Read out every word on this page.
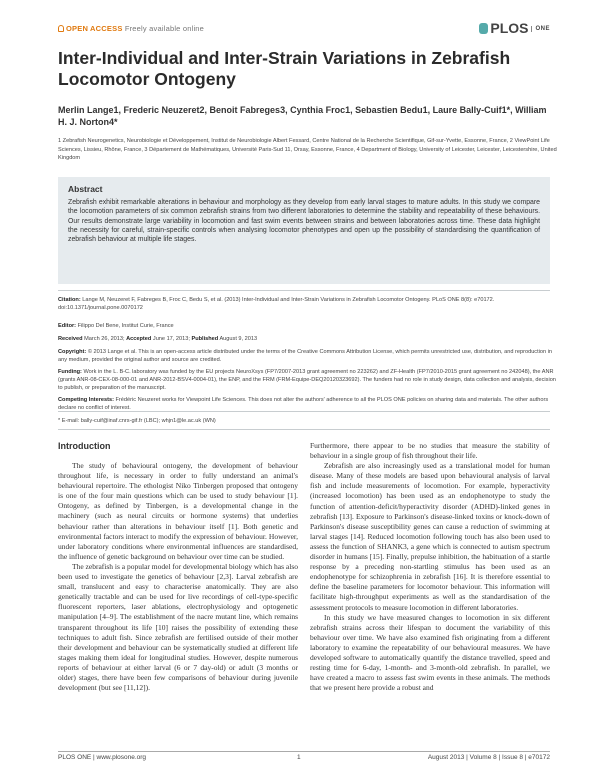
OPEN ACCESS Freely available online	PLOS ONE
Inter-Individual and Inter-Strain Variations in Zebrafish Locomotor Ontogeny
Merlin Lange1, Frederic Neuzeret2, Benoit Fabreges3, Cynthia Froc1, Sebastien Bedu1, Laure Bally-Cuif1*, William H. J. Norton4*
1 Zebrafish Neurogenetics, Neurobiologie et Développement, Institut de Neurobiologie Albert Fessard, Centre National de la Recherche Scientifique, Gif-sur-Yvette, Essonne, France, 2 ViewPoint Life Sciences, Lissieu, Rhône, France, 3 Département de Mathématiques, Université Paris-Sud 11, Orsay, Essonne, France, 4 Department of Biology, University of Leicester, Leicester, Leicestershire, United Kingdom
Abstract
Zebrafish exhibit remarkable alterations in behaviour and morphology as they develop from early larval stages to mature adults. In this study we compare the locomotion parameters of six common zebrafish strains from two different laboratories to determine the stability and repeatability of these behaviours. Our results demonstrate large variability in locomotion and fast swim events between strains and between laboratories across time. These data highlight the necessity for careful, strain-specific controls when analysing locomotor phenotypes and open up the possibility of standardising the quantification of zebrafish behaviour at multiple life stages.
Citation: Lange M, Neuzeret F, Fabreges B, Froc C, Bedu S, et al. (2013) Inter-Individual and Inter-Strain Variations in Zebrafish Locomotor Ontogeny. PLoS ONE 8(8): e70172. doi:10.1371/journal.pone.0070172
Editor: Filippo Del Bene, Institut Curie, France
Received March 26, 2013; Accepted June 17, 2013; Published August 9, 2013
Copyright: © 2013 Lange et al. This is an open-access article distributed under the terms of the Creative Commons Attribution License, which permits unrestricted use, distribution, and reproduction in any medium, provided the original author and source are credited.
Funding: Work in the L. B-C. laboratory was funded by the EU projects NeuroXsys (FP7/2007-2013 grant agreement no 223262) and ZF-Health (FP7/2010-2015 grant agreement no 242048), the ANR (grants ANR-08-CEX-08-000-01 and ANR-2012-BSV4-0004-01), the ENP, and the FRM (FRM-Equipe-DEQ20120323692). The funders had no role in study design, data collection and analysis, decision to publish, or preparation of the manuscript.
Competing Interests: Frédéric Neuzeret works for Viewpoint Life Sciences. This does not alter the authors' adherence to all the PLOS ONE policies on sharing data and materials. The other authors declare no conflict of interest.
* E-mail: bally-cuif@inaf.cnrs-gif.fr (LBC); whjn1@le.ac.uk (WN)
Introduction

The study of behavioural ontogeny, the development of behaviour throughout life, is necessary in order to fully understand an animal's behavioural repertoire. The ethologist Niko Tinbergen proposed that ontogeny is one of the four main questions which can be used to study behaviour [1]. Ontogeny, as defined by Tinbergen, is a developmental change in the machinery (such as neural circuits or hormone systems) that underlies behaviour rather than alterations in behaviour itself [1]. Both genetic and environmental factors interact to modify the expression of behaviour. However, under laboratory conditions where environmental influences are standardised, the influence of genetic background on behaviour over time can be studied.

The zebrafish is a popular model for developmental biology which has also been used to investigate the genetics of behaviour [2,3]. Larval zebrafish are small, translucent and easy to characterise anatomically. They are also genetically tractable and can be used for live recordings of cell-type-specific fluorescent reporters, laser ablations, electrophysiology and optogenetic manipulation [4–9]. The establishment of the nacre mutant line, which remains transparent throughout its life [10] raises the possibility of extending these techniques to adult fish. Since zebrafish are fertilised outside of their mother their development and behaviour can be systematically studied at different life stages making them ideal for longitudinal studies. However, despite numerous reports of behaviour at either larval (6 or 7 day-old) or adult (3 months or older) stages, there have been few comparisons of behaviour during juvenile development (but see [11,12]).

Furthermore, there appear to be no studies that measure the stability of behaviour in a single group of fish throughout their life.

Zebrafish are also increasingly used as a translational model for human disease. Many of these models are based upon behavioural analysis of larval fish and include measurements of locomotion. For example, hyperactivity (increased locomotion) has been used as an endophenotype to study the function of attention-deficit/hyperactivity disorder (ADHD)-linked genes in zebrafish [13]. Exposure to Parkinson's disease-linked toxins or knock-down of Parkinson's disease susceptibility genes can cause a reduction of swimming at larval stages [14]. Reduced locomotion following touch has also been used to assess the function of SHANK3, a gene which is connected to autism spectrum disorder in humans [15]. Finally, prepulse inhibition, the habituation of a startle response by a preceding non-startling stimulus has been used as an endophenotype for schizophrenia in zebrafish [16]. It is therefore essential to define the baseline parameters for locomotor behaviour. This information will facilitate high-throughput experiments as well as the standardisation of the assessment protocols to measure locomotion in different laboratories.

In this study we have measured changes to locomotion in six different zebrafish strains across their lifespan to document the variability of this behaviour over time. We have also examined fish originating from a different laboratory to examine the repeatability of our behavioural measures. We have developed software to automatically quantify the distance travelled, speed and resting time for 6-day, 1-month- and 3-month-old zebrafish. In parallel, we have created a macro to assess fast swim events in these animals. The methods that we present here provide a robust and

PLOS ONE | www.plosone.org	1	August 2013 | Volume 8 | Issue 8 | e70172
